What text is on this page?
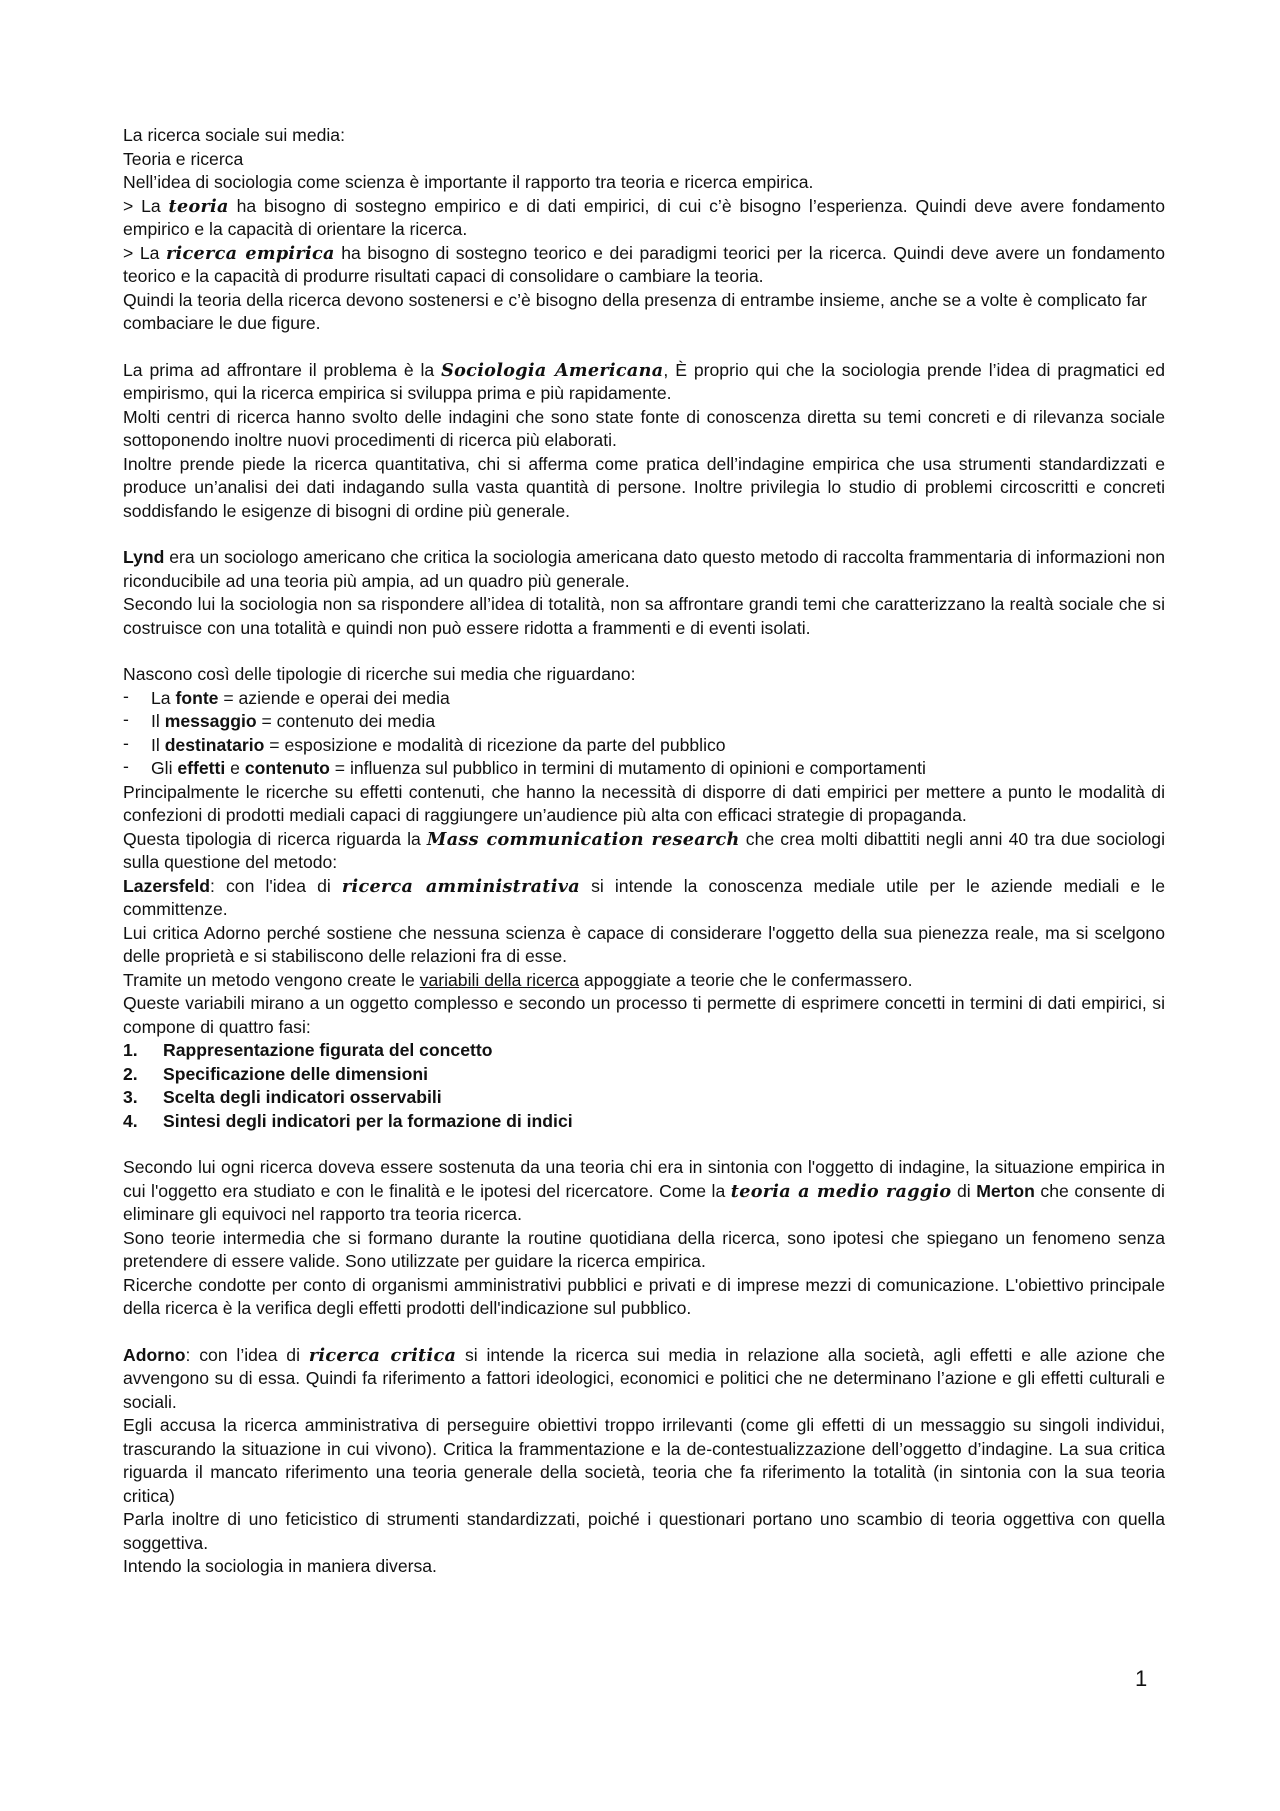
La ricerca sociale sui media:

Teoria e ricerca

Nell’idea di sociologia come scienza è importante il rapporto tra teoria e ricerca empirica.

> La teoria ha bisogno di sostegno empirico e di dati empirici, di cui c’è bisogno l’esperienza. Quindi deve avere fondamento empirico e la capacità di orientare la ricerca.

> La ricerca empirica ha bisogno di sostegno teorico e dei paradigmi teorici per la ricerca. Quindi deve avere un fondamento teorico e la capacità di produrre risultati capaci di consolidare o cambiare la teoria.

Quindi la teoria della ricerca devono sostenersi e c’è bisogno della presenza di entrambe insieme, anche se a volte è complicato far combaciare le due figure.

La prima ad affrontare il problema è la Sociologia Americana, È proprio qui che la sociologia prende l’idea di pragmatici ed empirismo, qui la ricerca empirica si sviluppa prima e più rapidamente.

Molti centri di ricerca hanno svolto delle indagini che sono state fonte di conoscenza diretta su temi concreti e di rilevanza sociale sottoponendo inoltre nuovi procedimenti di ricerca più elaborati.

Inoltre prende piede la ricerca quantitativa, chi si afferma come pratica dell’indagine empirica che usa strumenti standardizzati e produce un’analisi dei dati indagando sulla vasta quantità di persone. Inoltre privilegia lo studio di problemi circoscritti e concreti soddisfando le esigenze di bisogni di ordine più generale.

Lynd era un sociologo americano che critica la sociologia americana dato questo metodo di raccolta frammentaria di informazioni non riconducibile ad una teoria più ampia, ad un quadro più generale.

Secondo lui la sociologia non sa rispondere all’idea di totalità, non sa affrontare grandi temi che caratterizzano la realtà sociale che si costruisce con una totalità e quindi non può essere ridotta a frammenti e di eventi isolati.

Nascono così delle tipologie di ricerche sui media che riguardano:

- La fonte = aziende e operai dei media
- Il messaggio = contenuto dei media
- Il destinatario = esposizione e modalità di ricezione da parte del pubblico
- Gli effetti e contenuto = influenza sul pubblico in termini di mutamento di opinioni e comportamenti

Principalmente le ricerche su effetti contenuti, che hanno la necessità di disporre di dati empirici per mettere a punto le modalità di confezioni di prodotti mediali capaci di raggiungere un’audience più alta con efficaci strategie di propaganda.

Questa tipologia di ricerca riguarda la Mass communication research che crea molti dibattiti negli anni 40 tra due sociologi sulla questione del metodo:

Lazersfeld: con l'idea di ricerca amministrativa si intende la conoscenza mediale utile per le aziende mediali e le committenze.

Lui critica Adorno perché sostiene che nessuna scienza è capace di considerare l'oggetto della sua pienezza reale, ma si scelgono delle proprietà e si stabiliscono delle relazioni fra di esse.

Tramite un metodo vengono create le variabili della ricerca appoggiate a teorie che le confermassero.

Queste variabili mirano a un oggetto complesso e secondo un processo ti permette di esprimere concetti in termini di dati empirici, si compone di quattro fasi:

1. Rappresentazione figurata del concetto
2. Specificazione delle dimensioni
3. Scelta degli indicatori osservabili
4. Sintesi degli indicatori per la formazione di indici

Secondo lui ogni ricerca doveva essere sostenuta da una teoria chi era in sintonia con l'oggetto di indagine, la situazione empirica in cui l'oggetto era studiato e con le finalità e le ipotesi del ricercatore. Come la teoria a medio raggio di Merton che consente di eliminare gli equivoci nel rapporto tra teoria ricerca.

Sono teorie intermedia che si formano durante la routine quotidiana della ricerca, sono ipotesi che spiegano un fenomeno senza pretendere di essere valide. Sono utilizzate per guidare la ricerca empirica.

Ricerche condotte per conto di organismi amministrativi pubblici e privati e di imprese mezzi di comunicazione. L'obiettivo principale della ricerca è la verifica degli effetti prodotti dell'indicazione sul pubblico.

Adorno: con l’idea di ricerca critica si intende la ricerca sui media in relazione alla società, agli effetti e alle azione che avvengono su di essa. Quindi fa riferimento a fattori ideologici, economici e politici che ne determinano l’azione e gli effetti culturali e sociali.

Egli accusa la ricerca amministrativa di perseguire obiettivi troppo irrilevanti (come gli effetti di un messaggio su singoli individui, trascurando la situazione in cui vivono). Critica la frammentazione e la de-contestualizzazione dell’oggetto d’indagine. La sua critica riguarda il mancato riferimento una teoria generale della società, teoria che fa riferimento la totalità (in sintonia con la sua teoria critica)

Parla inoltre di uno feticistico di strumenti standardizzati, poiché i questionari portano uno scambio di teoria oggettiva con quella soggettiva.

Intendo la sociologia in maniera diversa.

1
